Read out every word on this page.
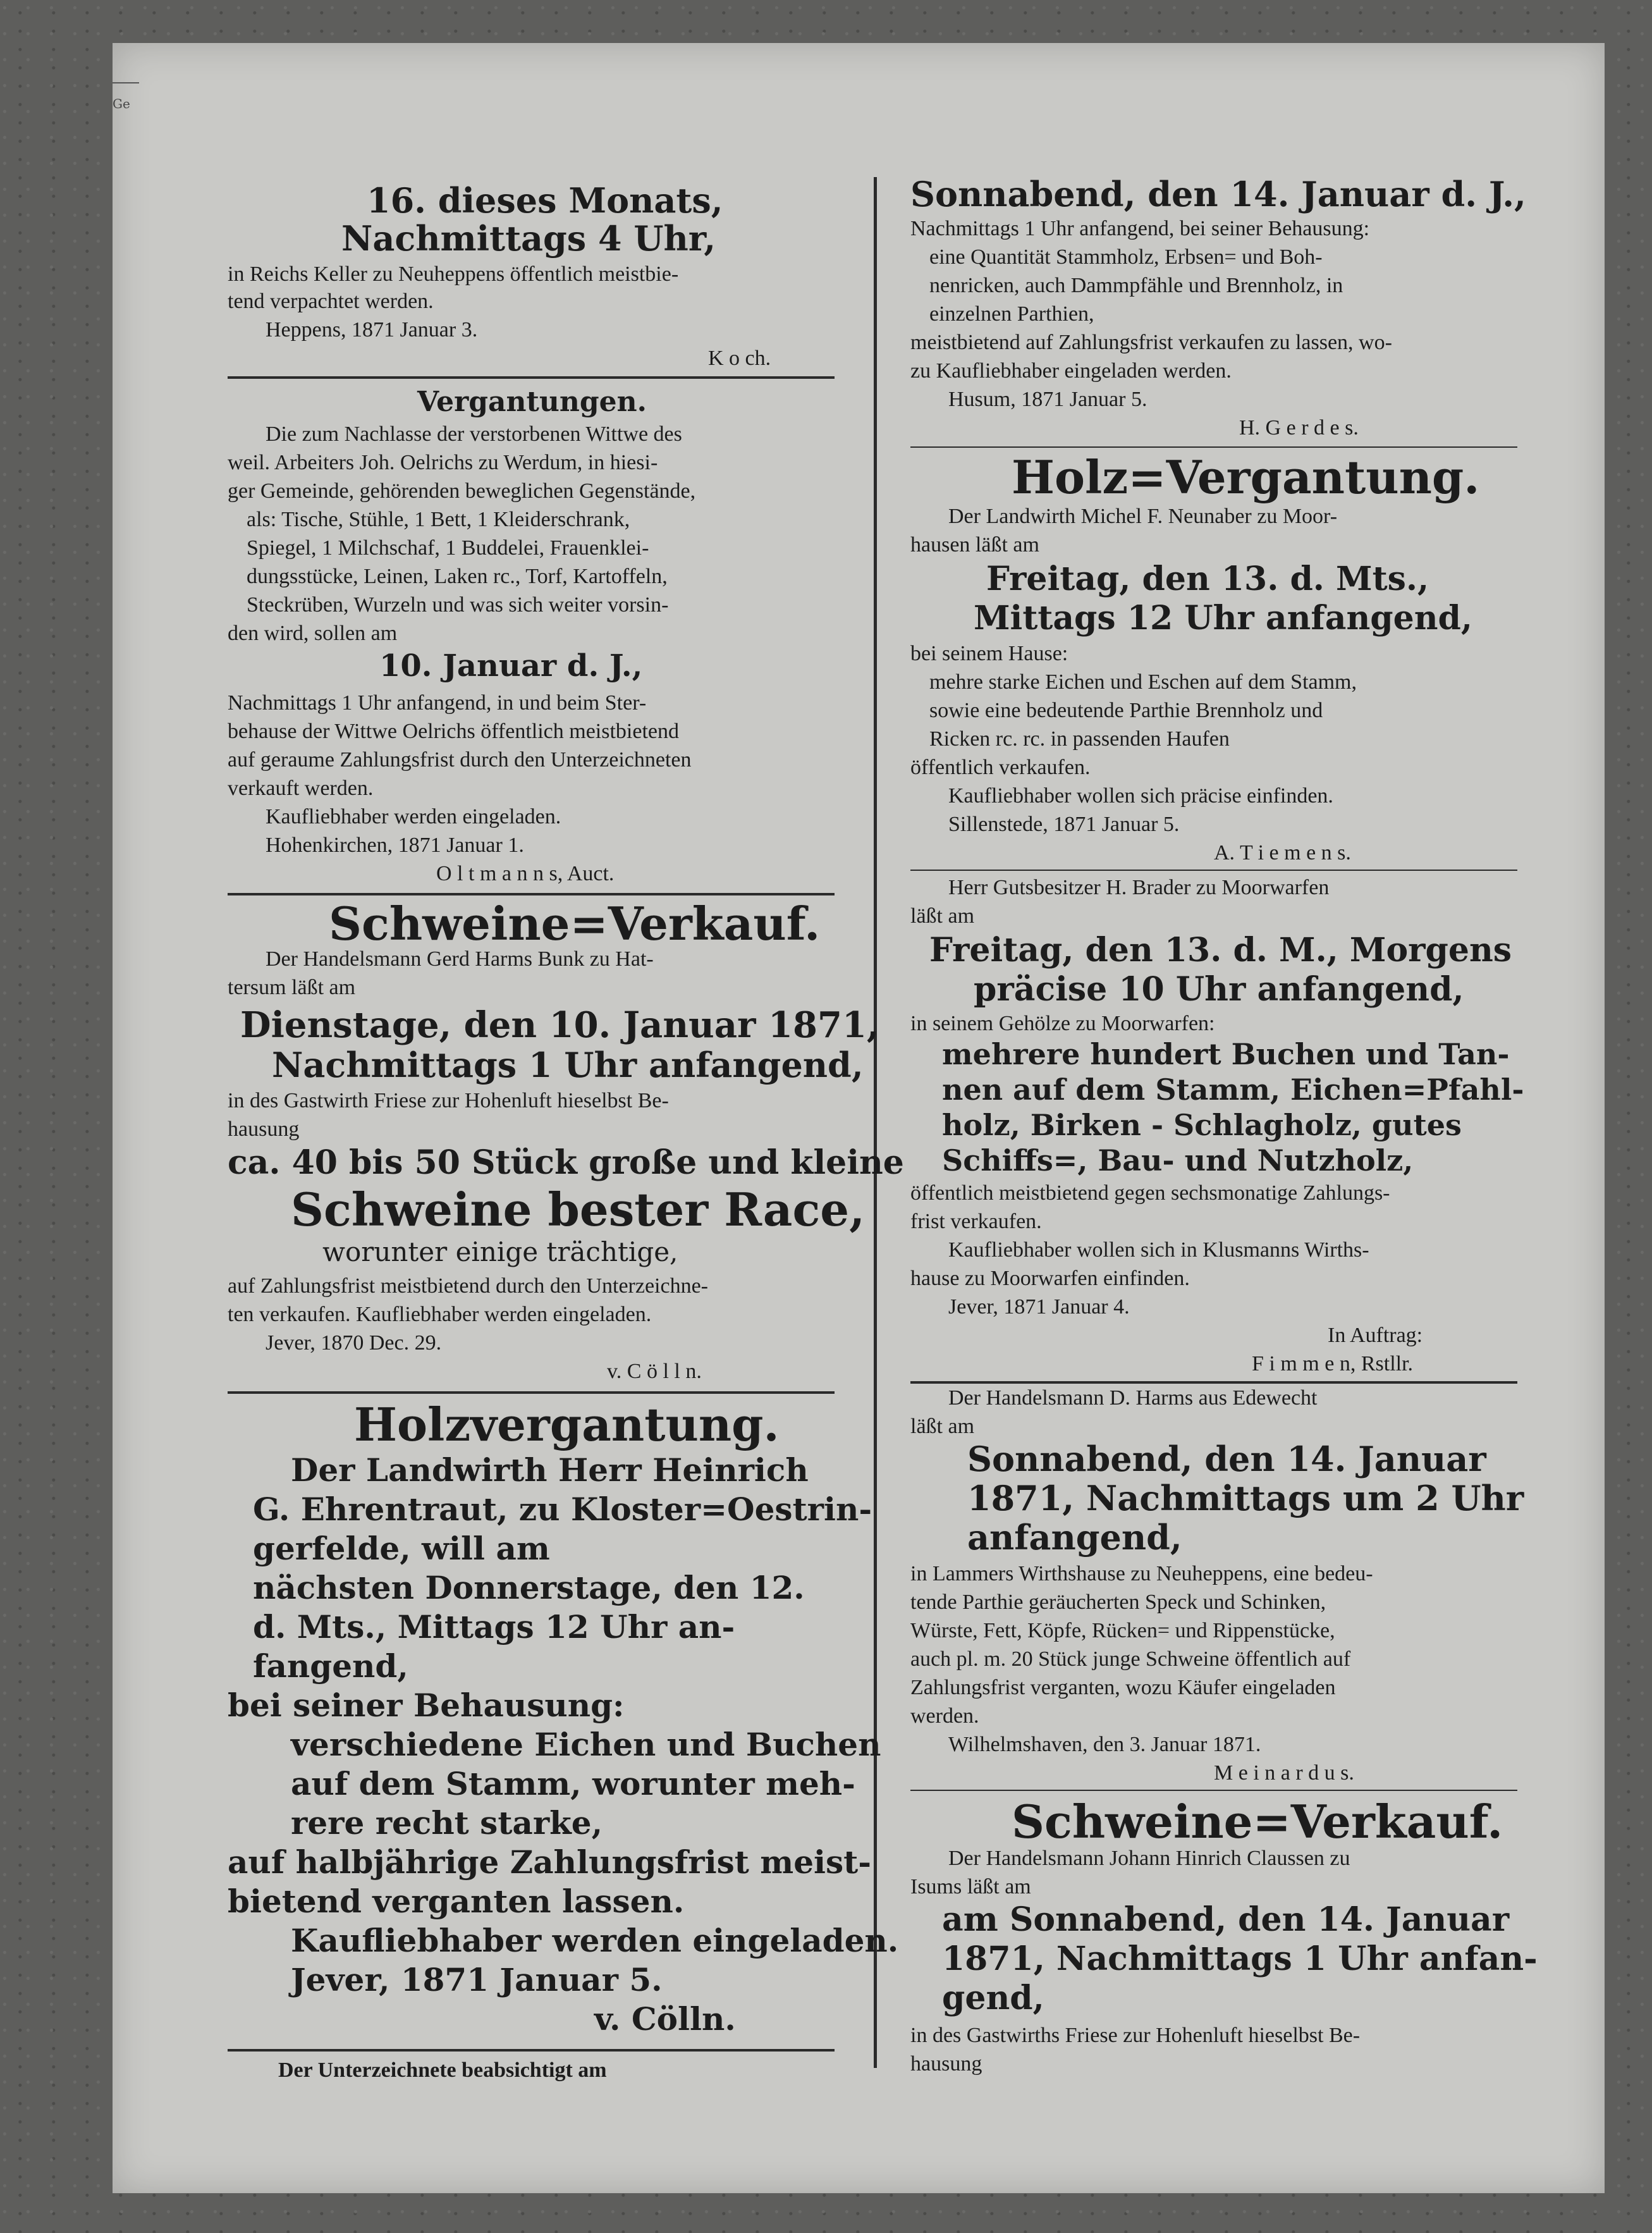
Ge
16. dieses Monats,
Nachmittags 4 Uhr,
in Reichs Keller zu Neuheppens öffentlich meistbie-
tend verpachtet werden.
Heppens, 1871 Januar 3.
K o ch.
Vergantungen.
Die zum Nachlasse der verstorbenen Wittwe des
weil. Arbeiters Joh. Oelrichs zu Werdum, in hiesi-
ger Gemeinde, gehörenden beweglichen Gegenstände,
als: Tische, Stühle, 1 Bett, 1 Kleiderschrank,
Spiegel, 1 Milchschaf, 1 Buddelei, Frauenklei-
dungsstücke, Leinen, Laken rc., Torf, Kartoffeln,
Steckrüben, Wurzeln und was sich weiter vorsin-
den wird, sollen am
10. Januar d. J.,
Nachmittags 1 Uhr anfangend, in und beim Ster-
behause der Wittwe Oelrichs öffentlich meistbietend
auf geraume Zahlungsfrist durch den Unterzeichneten
verkauft werden.
Kaufliebhaber werden eingeladen.
Hohenkirchen, 1871 Januar 1.
O l t m a n n s, Auct.
Schweine=Verkauf.
Der Handelsmann Gerd Harms Bunk zu Hat-
tersum läßt am
Dienstage, den 10. Januar 1871,
Nachmittags 1 Uhr anfangend,
in des Gastwirth Friese zur Hohenluft hieselbst Be-
hausung
ca. 40 bis 50 Stück große und kleine
Schweine bester Race,
worunter einige trächtige,
auf Zahlungsfrist meistbietend durch den Unterzeichne-
ten verkaufen. Kaufliebhaber werden eingeladen.
Jever, 1870 Dec. 29.
v. C ö l l n.
Holzvergantung.
Der Landwirth Herr Heinrich
G. Ehrentraut, zu Kloster=Oestrin-
gerfelde, will am
nächsten Donnerstage, den 12.
d. Mts., Mittags 12 Uhr an-
fangend,
bei seiner Behausung:
verschiedene Eichen und Buchen
auf dem Stamm, worunter meh-
rere recht starke,
auf halbjährige Zahlungsfrist meist-
bietend verganten lassen.
Kaufliebhaber werden eingeladen.
Jever, 1871 Januar 5.
v. Cölln.
Der Unterzeichnete beabsichtigt am
Sonnabend, den 14. Januar d. J.,
Nachmittags 1 Uhr anfangend, bei seiner Behausung:
eine Quantität Stammholz, Erbsen= und Boh-
nenricken, auch Dammpfähle und Brennholz, in
einzelnen Parthien,
meistbietend auf Zahlungsfrist verkaufen zu lassen, wo-
zu Kaufliebhaber eingeladen werden.
Husum, 1871 Januar 5.
H. G e r d e s.
Holz=Vergantung.
Der Landwirth Michel F. Neunaber zu Moor-
hausen läßt am
Freitag, den 13. d. Mts.,
Mittags 12 Uhr anfangend,
bei seinem Hause:
mehre starke Eichen und Eschen auf dem Stamm,
sowie eine bedeutende Parthie Brennholz und
Ricken rc. rc. in passenden Haufen
öffentlich verkaufen.
Kaufliebhaber wollen sich präcise einfinden.
Sillenstede, 1871 Januar 5.
A. T i e m e n s.
Herr Gutsbesitzer H. Brader zu Moorwarfen
läßt am
Freitag, den 13. d. M., Morgens
präcise 10 Uhr anfangend,
in seinem Gehölze zu Moorwarfen:
mehrere hundert Buchen und Tan-
nen auf dem Stamm, Eichen=Pfahl-
holz, Birken - Schlagholz, gutes
Schiffs=, Bau- und Nutzholz,
öffentlich meistbietend gegen sechsmonatige Zahlungs-
frist verkaufen.
Kaufliebhaber wollen sich in Klusmanns Wirths-
hause zu Moorwarfen einfinden.
Jever, 1871 Januar 4.
In Auftrag:
F i m m e n, Rstllr.
Der Handelsmann D. Harms aus Edewecht
läßt am
Sonnabend, den 14. Januar
1871, Nachmittags um 2 Uhr
anfangend,
in Lammers Wirthshause zu Neuheppens, eine bedeu-
tende Parthie geräucherten Speck und Schinken,
Würste, Fett, Köpfe, Rücken= und Rippenstücke,
auch pl. m. 20 Stück junge Schweine öffentlich auf
Zahlungsfrist verganten, wozu Käufer eingeladen
werden.
Wilhelmshaven, den 3. Januar 1871.
M e i n a r d u s.
Schweine=Verkauf.
Der Handelsmann Johann Hinrich Claussen zu
Isums läßt am
am Sonnabend, den 14. Januar
1871, Nachmittags 1 Uhr anfan-
gend,
in des Gastwirths Friese zur Hohenluft hieselbst Be-
hausung
